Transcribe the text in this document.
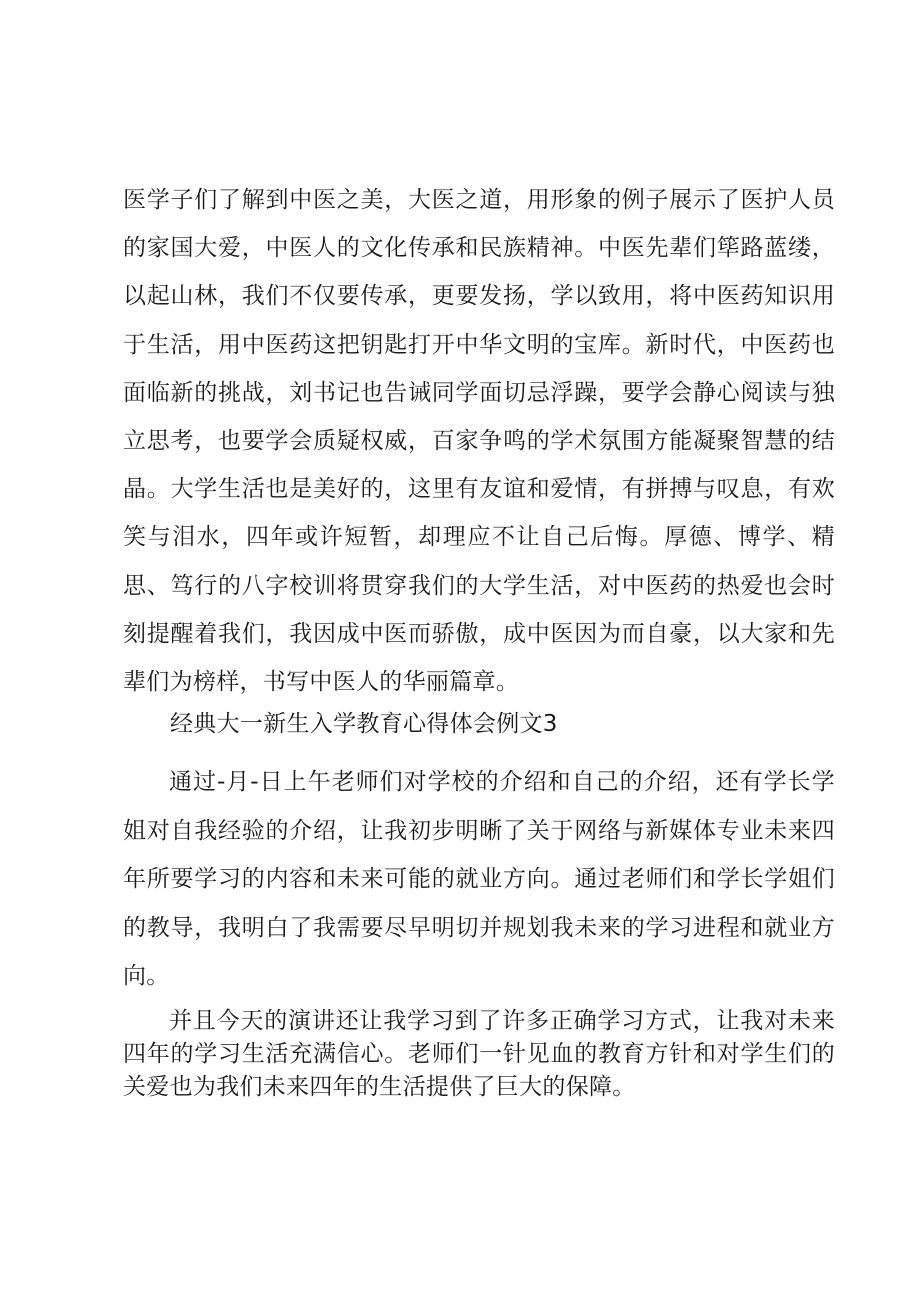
医学子们了解到中医之美，大医之道，用形象的例子展示了医护人员的家国大爱，中医人的文化传承和民族精神。中医先辈们筚路蓝缕，以起山林，我们不仅要传承，更要发扬，学以致用，将中医药知识用于生活，用中医药这把钥匙打开中华文明的宝库。新时代，中医药也面临新的挑战，刘书记也告诫同学面切忌浮躁，要学会静心阅读与独立思考，也要学会质疑权威，百家争鸣的学术氛围方能凝聚智慧的结晶。大学生活也是美好的，这里有友谊和爱情，有拼搏与叹息，有欢笑与泪水，四年或许短暂，却理应不让自己后悔。厚德、博学、精思、笃行的八字校训将贯穿我们的大学生活，对中医药的热爱也会时刻提醒着我们，我因成中医而骄傲，成中医因为而自豪，以大家和先辈们为榜样，书写中医人的华丽篇章。

经典大一新生入学教育心得体会例文3

通过-月-日上午老师们对学校的介绍和自己的介绍，还有学长学姐对自我经验的介绍，让我初步明晰了关于网络与新媒体专业未来四年所要学习的内容和未来可能的就业方向。通过老师们和学长学姐们的教导，我明白了我需要尽早明切并规划我未来的学习进程和就业方向。

并且今天的演讲还让我学习到了许多正确学习方式，让我对未来四年的学习生活充满信心。老师们一针见血的教育方针和对学生们的关爱也为我们未来四年的生活提供了巨大的保障。
